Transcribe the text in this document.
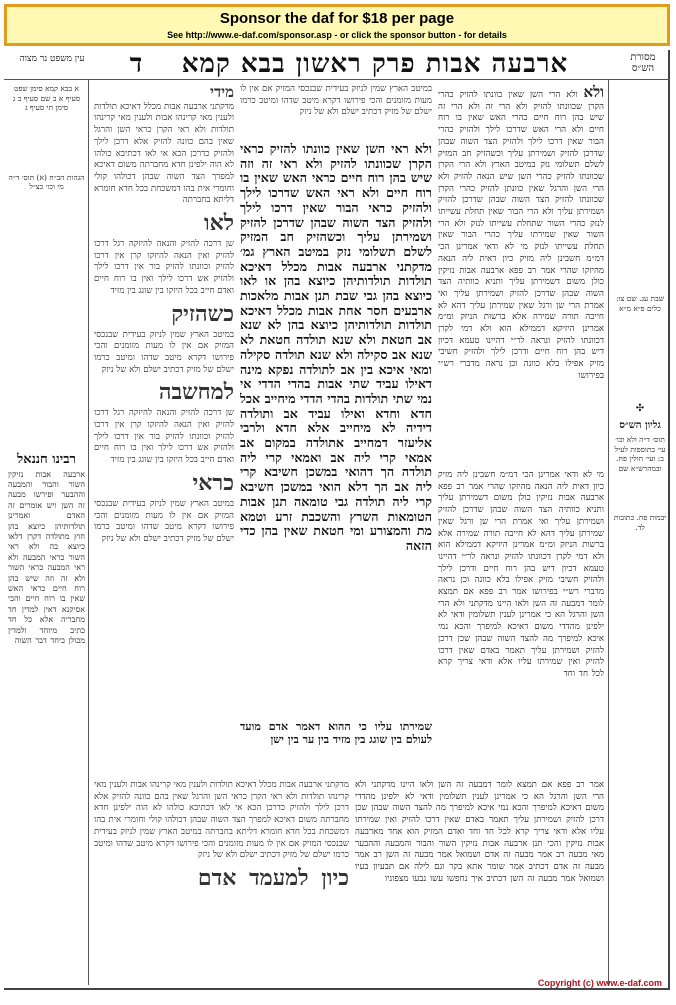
Sponsor the daf for $18 per page
See http://www.e-daf.com/sponsor.asp - or click the sponsor button - for details
מסורת הש״ס
ארבעה אבות פרק ראשון בבא קמא
ד
עין משפט נר מצוה
שבת עג. שם צו: כלים פ״א מ״א
✣
גליון הש״ס
תוס׳ ד״ה ולא וכו׳ עי׳ בתוספות לעיל ב: ועי׳ חולין פח. ובמהרש״א שם
יבמות פח. כתובות לד.
ולא ולא הרי השן שאין כוונתו להזיק כהרי הקרן שכוונתו להזיק ולא הרי זה ולא הרי זה שיש בהן רוח חיים כהרי האש שאין בו רוח חיים ולא הרי האש שדרכו לילך ולהזיק כהרי הבור שאין דרכו לילך ולהזיק הצד השוה שבהן שדרכן להזיק ושמירתן עליך וכשהזיק חב המזיק לשלם תשלומי נזק במיטב הארץ ולא הרי הקרן שכוונתו להזיק כהרי השן שיש הנאה להזיק ולא הרי השן והרגל שאין כוונתן להזיק כהרי הקרן שכוונתו להזיק הצד השוה שבהן שדרכן להזיק ושמירתן עליך ולא הרי הבור שאין תחלת עשייתו לנזק כהרי השור שתחלת עשייתו לנזק ולא הרי השור שאין שמירתו עליך כהרי הבור שאין תחלת עשייתו לנזק מי לא ודאי אמרינן הכי דמ״מ חשבינן ליה מזיק כיון דאית ליה הנאה מהיזקו שהרי אמר רב פפא ארבעה אבות נזיקין כולן משום דשמירתן עליך ותניא כוותיה הצד השוה שבהן שדרכן להזיק ושמירתן עליך ואי אמרת הרי שן ורגל שאין שמירתן עליך דהא לא חייבה תורה שמירה אלא ברשות הניזק ומ״מ אמרינן היזיקא דממילא הוא ולא דמי לקרן דכוונתו להזיק ונראה לר״י דהיינו טעמא דכיון דיש בהן רוח חיים ודרכן לילך ולהזיק חשיבי מזיק אפילו בלא כוונה וכן נראה מדברי רש״י בפירושו
מי לא ודאי אמרינן הכי דמ״מ חשבינן ליה מזיק כיון דאית ליה הנאה מהיזקו שהרי אמר רב פפא ארבעה אבות נזיקין כולן משום דשמירתן עליך ותניא כוותיה הצד השוה שבהן שדרכן להזיק ושמירתן עליך ואי אמרת הרי שן ורגל שאין שמירתן עליך דהא לא חייבה תורה שמירה אלא ברשות הניזק ומ״מ אמרינן היזיקא דממילא הוא ולא דמי לקרן דכוונתו להזיק ונראה לר״י דהיינו טעמא דכיון דיש בהן רוח חיים ודרכן לילך ולהזיק חשיבי מזיק אפילו בלא כוונה וכן נראה מדברי רש״י בפירושו אמר רב פפא אם תמצא לומר דמבעה זה השן ולאו היינו מדקתני ולא הרי השן והרגל הא כי אמרינן לענין תשלומין ודאי לא ילפינן מהדדי משום דאיכא למיפרך והכא נמי איכא למיפרך מה להצד השוה שבהן שכן דרכן להזיק ושמירתן עליך תאמר באדם שאין דרכו להזיק ואין שמירתו עליו אלא ודאי צריך קרא לכל חד וחד
מידי
מדקתני ארבעה אבות מכלל דאיכא תולדות ולענין מאי קרינהו אבות ולענין מאי קרינהו תולדות ולא ראי הקרן כראי השן והרגל שאין בהם כוונה להזיק אלא דרכן לילך ולהזיק כדרכן הכא אי לאו דכתיבא כולהו לא הוה ילפינן חדא מחברתה משום דאיכא למפרך הצד השוה שבהן דכולהו קולי וחומרי אית בהו דמשכחת בכל חדא חומרא דליתא בחברתה
לאו
שן דרכה להזיק והנאה להיזקה רגל דרכו להזיק ואין הנאה להיזקו קרן אין דרכו להזיק וכוונתו להזיק בור אין דרכו לילך ולהזיק אש דרכו לילך ואין בו רוח חיים ואדם חייב בכל היזקו בין שוגג בין מזיד
כשהזיק
במיטב הארץ שמין לניזק בעידית שבנכסי המזיק אם אין לו מעות מזומנים והכי פירושו דקרא מיטב שדהו ומיטב כרמו ישלם של מזיק דכתיב ישלם ולא של ניזק
למחשבה
שן דרכה להזיק והנאה להיזקה רגל דרכו להזיק ואין הנאה להיזקו קרן אין דרכו להזיק וכוונתו להזיק בור אין דרכו לילך ולהזיק אש דרכו לילך ואין בו רוח חיים ואדם חייב בכל היזקו בין שוגג בין מזיד
כראי
במיטב הארץ שמין לניזק בעידית שבנכסי המזיק אם אין לו מעות מזומנים והכי פירושו דקרא מיטב שדהו ומיטב כרמו ישלם של מזיק דכתיב ישלם ולא של ניזק
ולא ראי השן שאין כוונתו להזיק כראי הקרן שכוונתו להזיק ולא ראי זה וזה שיש בהן רוח חיים כראי האש שאין בו רוח חיים ולא ראי האש שדרכו לילך ולהזיק כראי הבור שאין דרכו לילך ולהזיק הצד השוה שבהן שדרכן להזיק ושמירתן עליך וכשהזיק חב המזיק לשלם תשלומי נזק במיטב הארץ גמ׳ מדקתני ארבעה אבות מכלל דאיכא תולדות תולדותיהן כיוצא בהן או לאו כיוצא בהן גבי שבת תנן אבות מלאכות ארבעים חסר אחת אבות מכלל דאיכא תולדות תולדותיהן כיוצא בהן לא שנא אב חטאת ולא שנא תולדה חטאת לא שנא אב סקילה ולא שנא תולדה סקילה ומאי איכא בין אב לתולדה נפקא מינה דאילו עביד שתי אבות בהדי הדדי אי נמי שתי תולדות בהדי הדדי מיחייב אכל חדא וחדא ואילו עביד אב ותולדה דידיה לא מיחייב אלא חדא ולרבי אליעזר דמחייב אתולדה במקום אב אמאי קרי ליה אב ואמאי קרי ליה תולדה הך דהואי במשכן חשיבא קרי ליה אב הך דלא הואי במשכן חשיבא קרי ליה תולדה גבי טומאה תנן אבות הטומאות השרץ והשכבת זרע וטמא מת והמצורע ומי חטאת שאין בהן כדי הזאה
במיטב הארץ שמין לניזק בעידית שבנכסי המזיק אם אין לו מעות מזומנים והכי פירושו דקרא מיטב שדהו ומיטב כרמו ישלם של מזיק דכתיב ישלם ולא של ניזק
מדקתני ארבעה אבות מכלל דאיכא תולדות ולענין מאי קרינהו אבות ולענין מאי קרינהו תולדות ולא ראי הקרן כראי השן והרגל שאין בהם כוונה להזיק אלא דרכן לילך ולהזיק כדרכן הכא אי לאו דכתיבא כולהו לא הוה ילפינן חדא מחברתה משום דאיכא למפרך הצד השוה שבהן דכולהו קולי וחומרי אית בהו דמשכחת בכל חדא חומרא דליתא בחברתה במיטב הארץ שמין לניזק בעידית שבנכסי המזיק אם אין לו מעות מזומנים והכי פירושו דקרא מיטב שדהו ומיטב כרמו ישלם של מזיק דכתיב ישלם ולא של ניזק
כיון למעמד אדם
אמר רב פפא אם תמצא לומר דמבעה זה השן ולאו היינו מדקתני ולא הרי השן והרגל הא כי אמרינן לענין תשלומין ודאי לא ילפינן מהדדי משום דאיכא למיפרך והכא נמי איכא למיפרך מה להצד השוה שבהן שכן דרכן להזיק ושמירתן עליך תאמר באדם שאין דרכו להזיק ואין שמירתו עליו אלא ודאי צריך קרא לכל חד וחד ואדם המזיק הוא אחד מארבעה אבות נזיקין והכי תנן ארבעה אבות נזיקין השור והבור והמבעה וההבער מאי מבעה רב אמר מבעה זה אדם ושמואל אמר מבעה זה השן רב אמר מבעה זה אדם דכתיב אמר שומר אתא בקר וגם לילה אם תבעיון בעיו ושמואל אמר מבעה זה השן דכתיב איך נחפשו עשו נבעו מצפוניו
שמירתו עליו כי ההוא דאמר אדם מועד לעולם בין שוגג בין מזיד בין ער בין ישן
א בבא קמא סימן שפט סעיף א ב שם סעיף ב ג סימן תי סעיף ג
הגהות הב״ח (א) תוס׳ ד״ה מי וכו׳ כצ״ל
רבינו חננאל
ארבעה אבות נזיקין השור והבור והמבעה וההבער ופירשו מבעה זה השן ויש אומרים זה האדם ואמרינן תולדותיהן כיוצא בהן חוץ מתולדה דקרן דלאו כיוצא בה ולא ראי השור כראי המבעה ולא ראי המבעה כראי השור ולא זה וזה שיש בהן רוח חיים כראי האש שאין בו רוח חיים והכי אסיקנא דאין למדין חד מחבריה אלא כל חד כתיב מיוחד ולמדין מכולן ביחד דבר השוה
Copyright (c) www.e-daf.com
